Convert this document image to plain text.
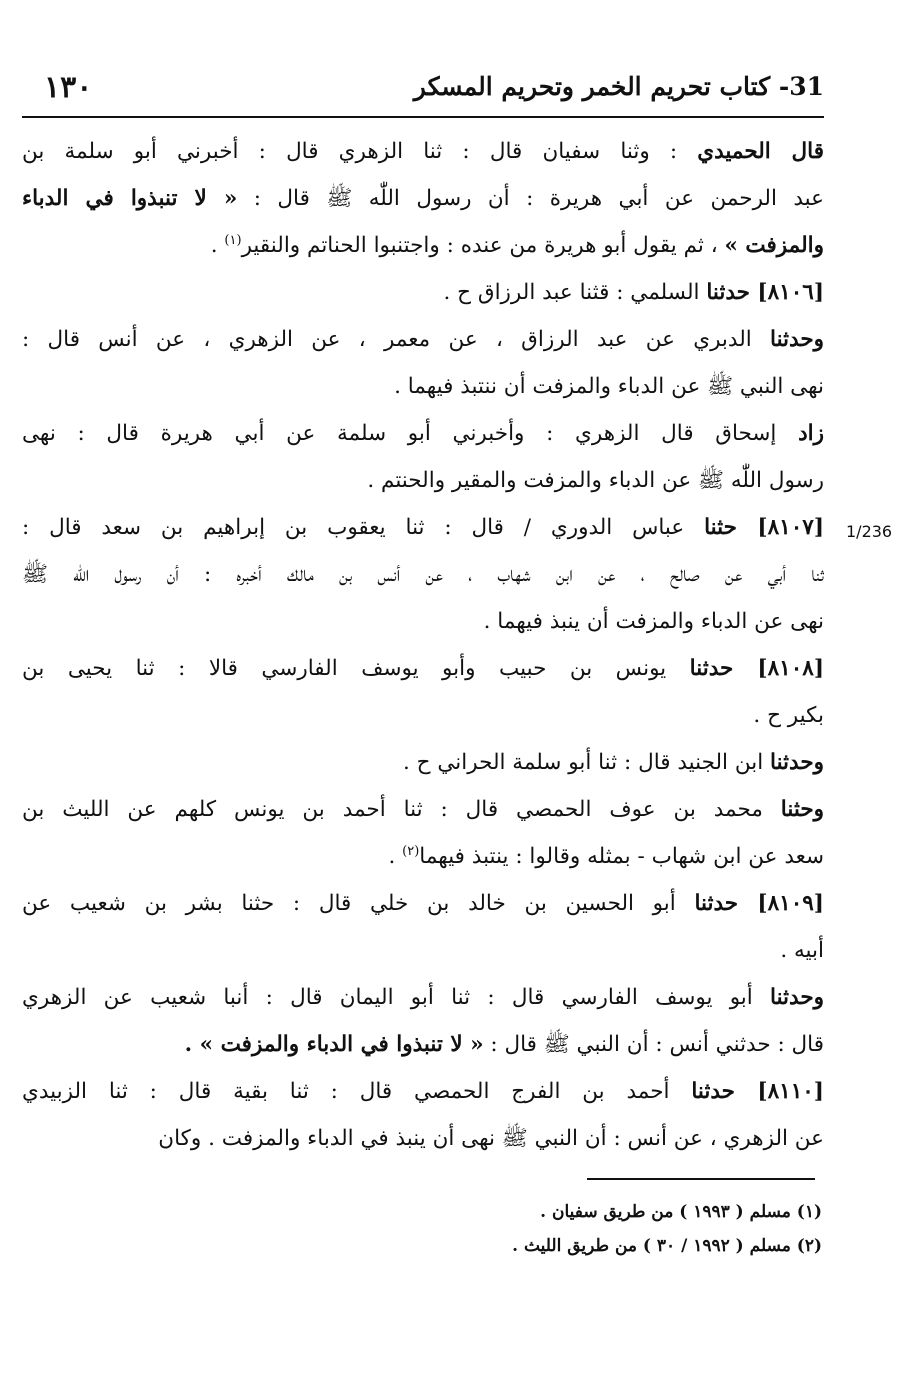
١٣٠	31- كتاب تحريم الخمر وتحريم المسكر
1/236
قال الحميدي : وثنا سفيان قال : ثنا الزهري قال : أخبرني أبو سلمة بن
عبد الرحمن عن أبي هريرة : أن رسول اللّٰه ﷺ قال : « لا تنبذوا في الدباء
والمزفت » ، ثم يقول أبو هريرة من عنده : واجتنبوا الحناتم والنقير$^{(١)}$ .
[٨١٠٦] حدثنا السلمي : قثنا عبد الرزاق ح .
وحدثنا الدبري عن عبد الرزاق ، عن معمر ، عن الزهري ، عن أنس قال :
نهى النبي ﷺ عن الدباء والمزفت أن ننتبذ فيهما .
زاد إسحاق قال الزهري : وأخبرني أبو سلمة عن أبي هريرة قال : نهى
رسول اللّٰه ﷺ عن الدباء والمزفت والمقير والحنتم .
[٨١٠٧] حثنا عباس الدوري / قال : ثنا يعقوب بن إبراهيم بن سعد قال :
ثنا أبي عن صالح ، عن ابن شهاب ، عن أنس بن مالك أخبره : أن رسول اللّٰه ﷺ
نهى عن الدباء والمزفت أن ينبذ فيهما .
[٨١٠٨] حدثنا يونس بن حبيب وأبو يوسف الفارسي قالا : ثنا يحيى بن
بكير ح .
وحدثنا ابن الجنيد قال : ثنا أبو سلمة الحراني ح .
وحثنا محمد بن عوف الحمصي قال : ثنا أحمد بن يونس كلهم عن الليث بن
سعد عن ابن شهاب - بمثله وقالوا : ينتبذ فيهما$^{(٢)}$ .
[٨١٠٩] حدثنا أبو الحسين بن خالد بن خلي قال : حثنا بشر بن شعيب عن
أبيه .
وحدثنا أبو يوسف الفارسي قال : ثنا أبو اليمان قال : أنبا شعيب عن الزهري
قال : حدثني أنس : أن النبي ﷺ قال : « لا تنبذوا في الدباء والمزفت » .
[٨١١٠] حدثنا أحمد بن الفرج الحمصي قال : ثنا بقية قال : ثنا الزبيدي
عن الزهري ، عن أنس : أن النبي ﷺ نهى أن ينبذ في الدباء والمزفت . وكان
(١) مسلم ( ١٩٩٣ ) من طريق سفيان .
(٢) مسلم ( ١٩٩٢ / ٣٠ ) من طريق الليث .
